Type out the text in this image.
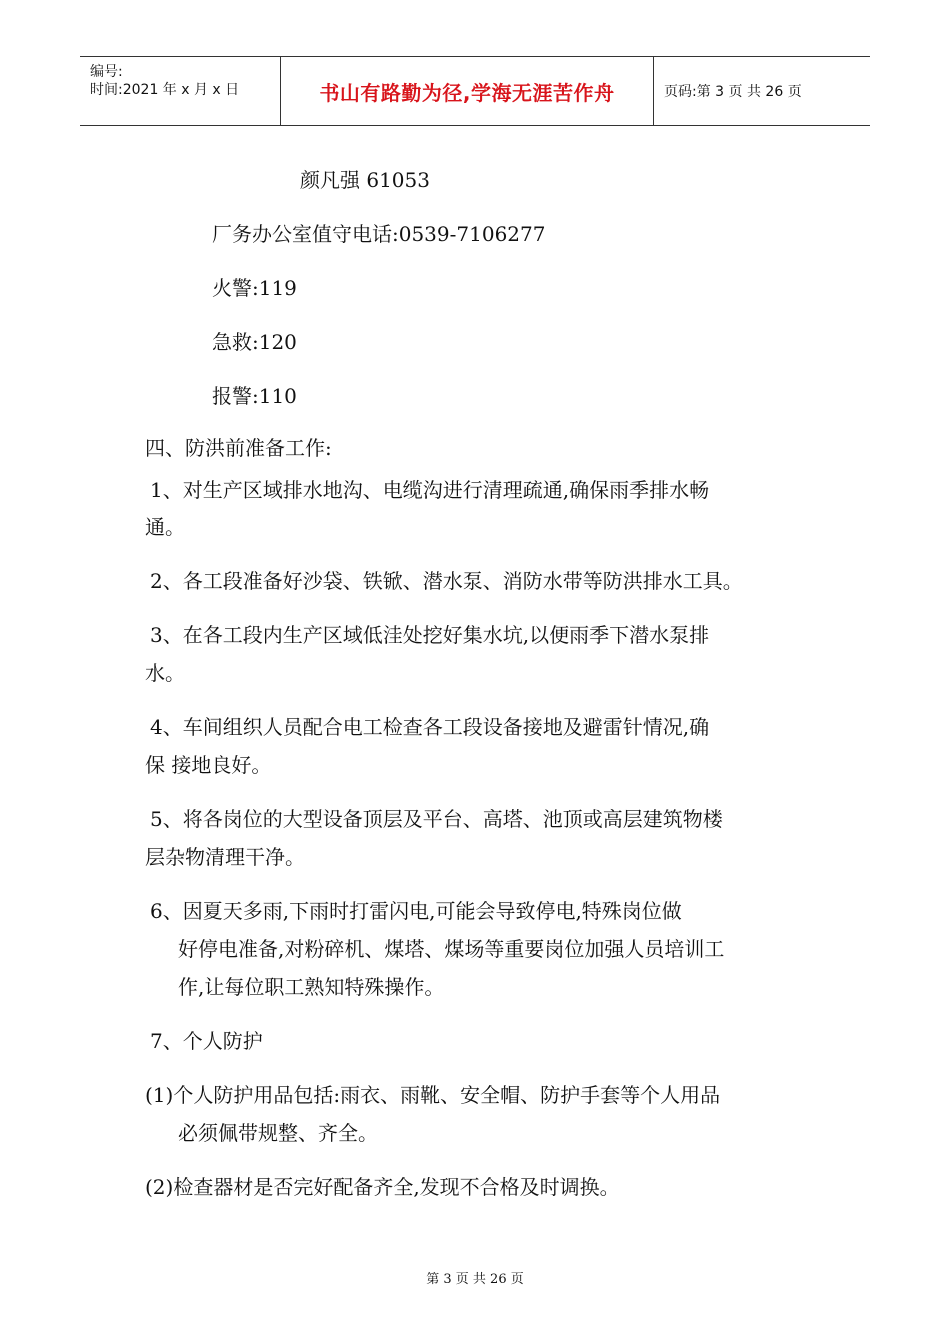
编号:
时间:2021 年 x 月 x 日	书山有路勤为径,学海无涯苦作舟	页码:第 3 页 共 26 页
颜凡强 61053
厂务办公室值守电话:0539-7106277
火警:119
急救:120
报警:110
四、防洪前准备工作:
1、对生产区域排水地沟、电缆沟进行清理疏通,确保雨季排水畅
通。
2、各工段准备好沙袋、铁锨、潜水泵、消防水带等防洪排水工具。
3、在各工段内生产区域低洼处挖好集水坑,以便雨季下潜水泵排
水。
4、车间组织人员配合电工检查各工段设备接地及避雷针情况,确
保 接地良好。
5、将各岗位的大型设备顶层及平台、高塔、池顶或高层建筑物楼
层杂物清理干净。
6、因夏天多雨,下雨时打雷闪电,可能会导致停电,特殊岗位做
好停电准备,对粉碎机、煤塔、煤场等重要岗位加强人员培训工
作,让每位职工熟知特殊操作。
7、个人防护
(1)个人防护用品包括:雨衣、雨靴、安全帽、防护手套等个人用品
必须佩带规整、齐全。
(2)检查器材是否完好配备齐全,发现不合格及时调换。
第 3 页 共 26 页
